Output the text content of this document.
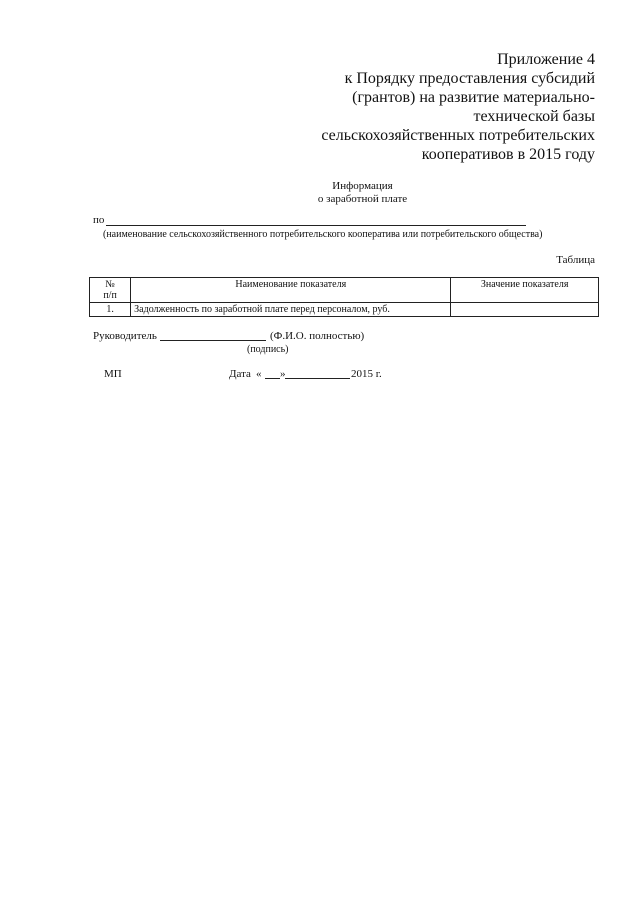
Приложение 4
к Порядку предоставления субсидий
(грантов) на развитие материально-
технической базы
сельскохозяйственных потребительских
кооперативов в 2015 году
Информация
о заработной плате
по
(наименование сельскохозяйственного потребительского кооператива или потребительского общества)
Таблица
№
п/п	Наименование показателя	Значение показателя
1.	Задолженность по заработной плате перед персоналом, руб.	
Руководитель	(Ф.И.О. полностью)
(подпись)
МП	Дата « »	2015 г.
